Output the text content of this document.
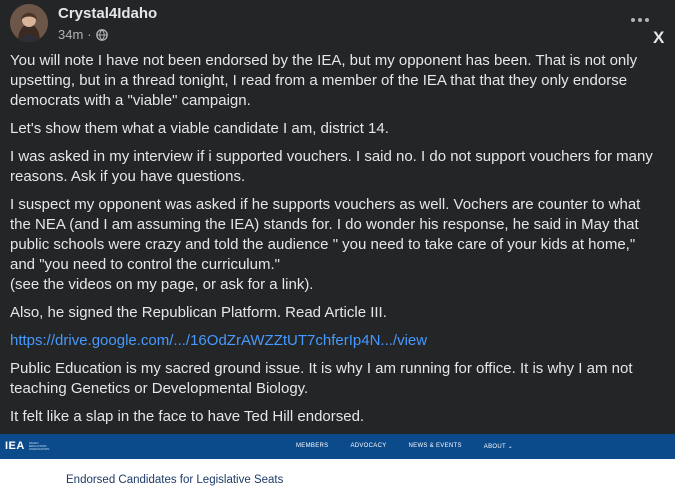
Crystal4Idaho
34m ·	X

You will note I have not been endorsed by the IEA, but my opponent has been. That is not only upsetting, but in a thread tonight, I read from a member of the IEA that that they only endorse democrats with a "viable" campaign.

Let's show them what a viable candidate I am, district 14.

I was asked in my interview if i supported vouchers. I said no. I do not support vouchers for many reasons. Ask if you have questions.

I suspect my opponent was asked if he supports vouchers as well. Vochers are counter to what the NEA (and I am assuming the IEA) stands for. I do wonder his response, he said in May that public schools were crazy and told the audience " you need to take care of your kids at home," and "you need to control the curriculum."
(see the videos on my page, or ask for a link).

Also, he signed the Republican Platform. Read Article III.

https://drive.google.com/.../16OdZrAWZZtUT7chferIp4N.../view

Public Education is my sacred ground issue. It is why I am running for office. It is why I am not teaching Genetics or Developmental Biology.

It felt like a slap in the face to have Ted Hill endorsed.

IEA IDAHO EDUCATION ASSOCIATION	MEMBERS	ADVOCACY	NEWS & EVENTS	ABOUT ⌄
Endorsed Candidates for Legislative Seats
